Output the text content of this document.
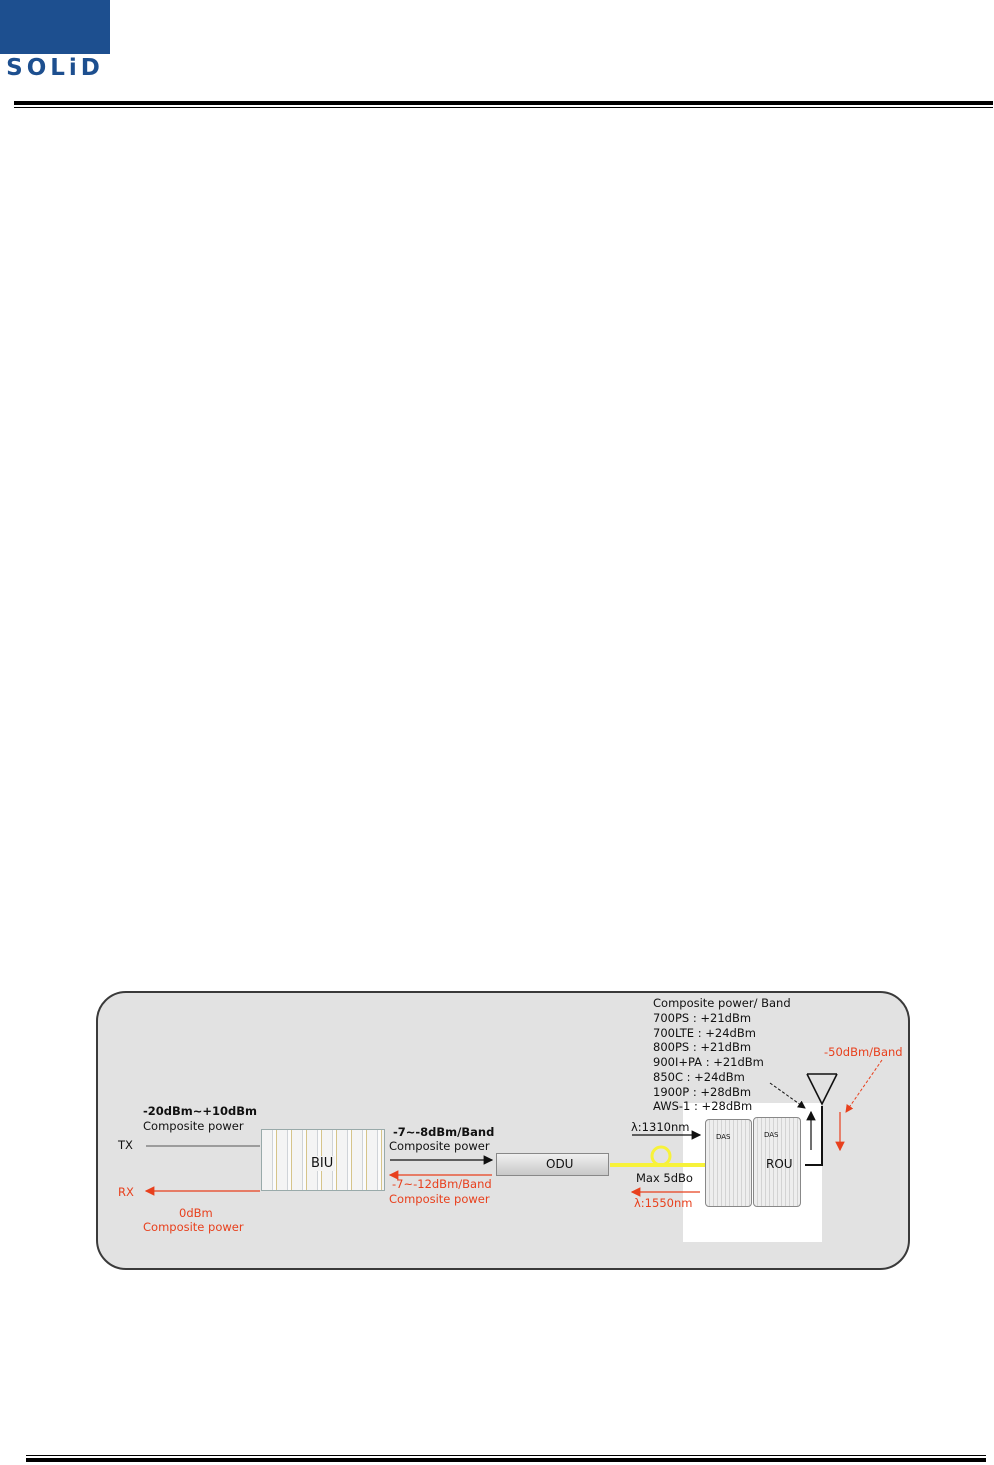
SOLiD
DAS	DAS
BIU	ODU	ROU
TX
-20dBm~+10dBm
Composite power
RX
0dBm
Composite power
-7~-8dBm/Band
Composite power
-7~-12dBm/Band
Composite power
λ:1310nm
Max 5dBo
λ:1550nm
Composite power/ Band
700PS : +21dBm
700LTE : +24dBm
800PS : +21dBm
900I+PA : +21dBm
850C : +24dBm
1900P : +28dBm
AWS-1 : +28dBm
-50dBm/Band
